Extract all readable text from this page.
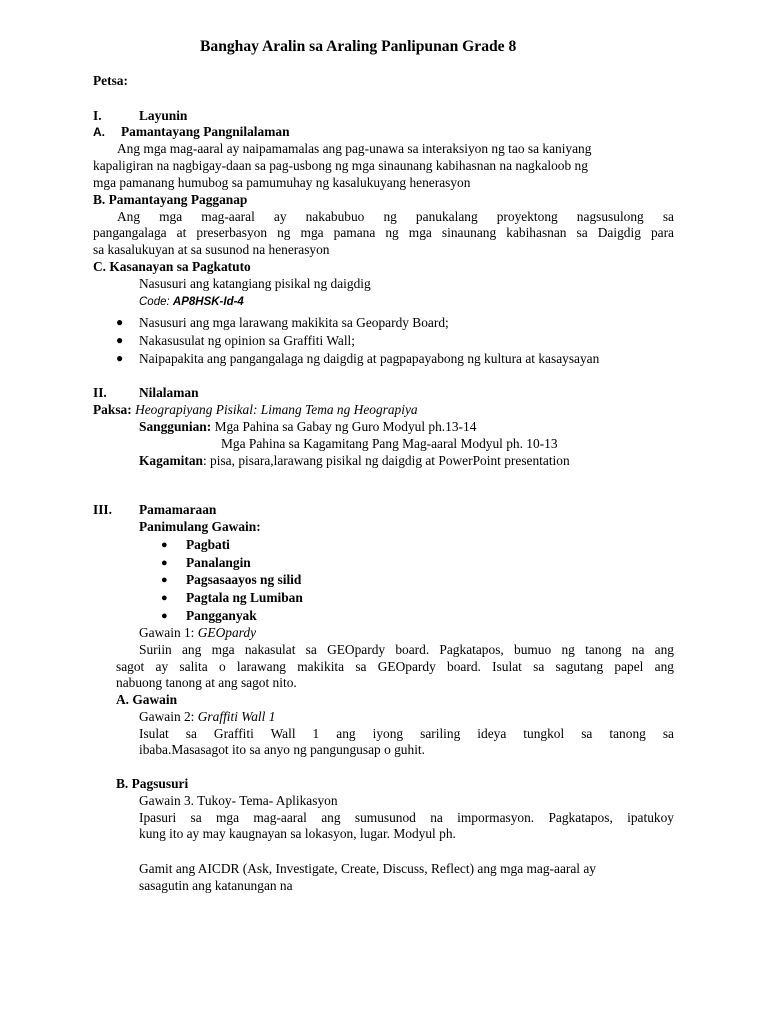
Banghay Aralin sa Araling Panlipunan Grade 8
Petsa:
I.	Layunin
A. Pamantayang Pangnilalaman
Ang mga mag-aaral ay naipamamalas ang pag-unawa sa interaksiyon ng tao sa kaniyang
kapaligiran na nagbigay-daan sa pag-usbong ng mga sinaunang kabihasnan na nagkaloob ng
mga pamanang humubog sa pamumuhay ng kasalukuyang henerasyon
B. Pamantayang Pagganap
Ang mga mag-aaral ay nakabubuo ng panukalang proyektong nagsusulong sa
pangangalaga at preserbasyon ng mga pamana ng mga sinaunang kabihasnan sa Daigdig para
sa kasalukuyan at sa susunod na henerasyon
C. Kasanayan sa Pagkatuto
Nasusuri ang katangiang pisikal ng daigdig
Code: AP8HSK-Id-4
● Nasusuri ang mga larawang makikita sa Geopardy Board;
● Nakasusulat ng opinion sa Graffiti Wall;
● Naipapakita ang pangangalaga ng daigdig at pagpapayabong ng kultura at kasaysayan
II. Nilalaman
Paksa: Heograpiyang Pisikal: Limang Tema ng Heograpiya
Sanggunian: Mga Pahina sa Gabay ng Guro Modyul ph.13-14
Mga Pahina sa Kagamitang Pang Mag-aaral Modyul ph. 10-13
Kagamitan: pisa, pisara,larawang pisikal ng daigdig at PowerPoint presentation
III. Pamamaraan
Panimulang Gawain:
● Pagbati
● Panalangin
● Pagsasaayos ng silid
● Pagtala ng Lumiban
● Pangganyak
Gawain 1: GEOpardy
Suriin ang mga nakasulat sa GEOpardy board. Pagkatapos, bumuo ng tanong na ang
sagot ay salita o larawang makikita sa GEOpardy board. Isulat sa sagutang papel ang
nabuong tanong at ang sagot nito.
A. Gawain
Gawain 2: Graffiti Wall 1
Isulat sa Graffiti Wall 1 ang iyong sariling ideya tungkol sa tanong sa
ibaba.Masasagot ito sa anyo ng pangungusap o guhit.
B. Pagsusuri
Gawain 3. Tukoy- Tema- Aplikasyon
Ipasuri sa mga mag-aaral ang sumusunod na impormasyon. Pagkatapos, ipatukoy
kung ito ay may kaugnayan sa lokasyon, lugar. Modyul ph.
Gamit ang AICDR (Ask, Investigate, Create, Discuss, Reflect) ang mga mag-aaral ay
sasagutin ang katanungan na
